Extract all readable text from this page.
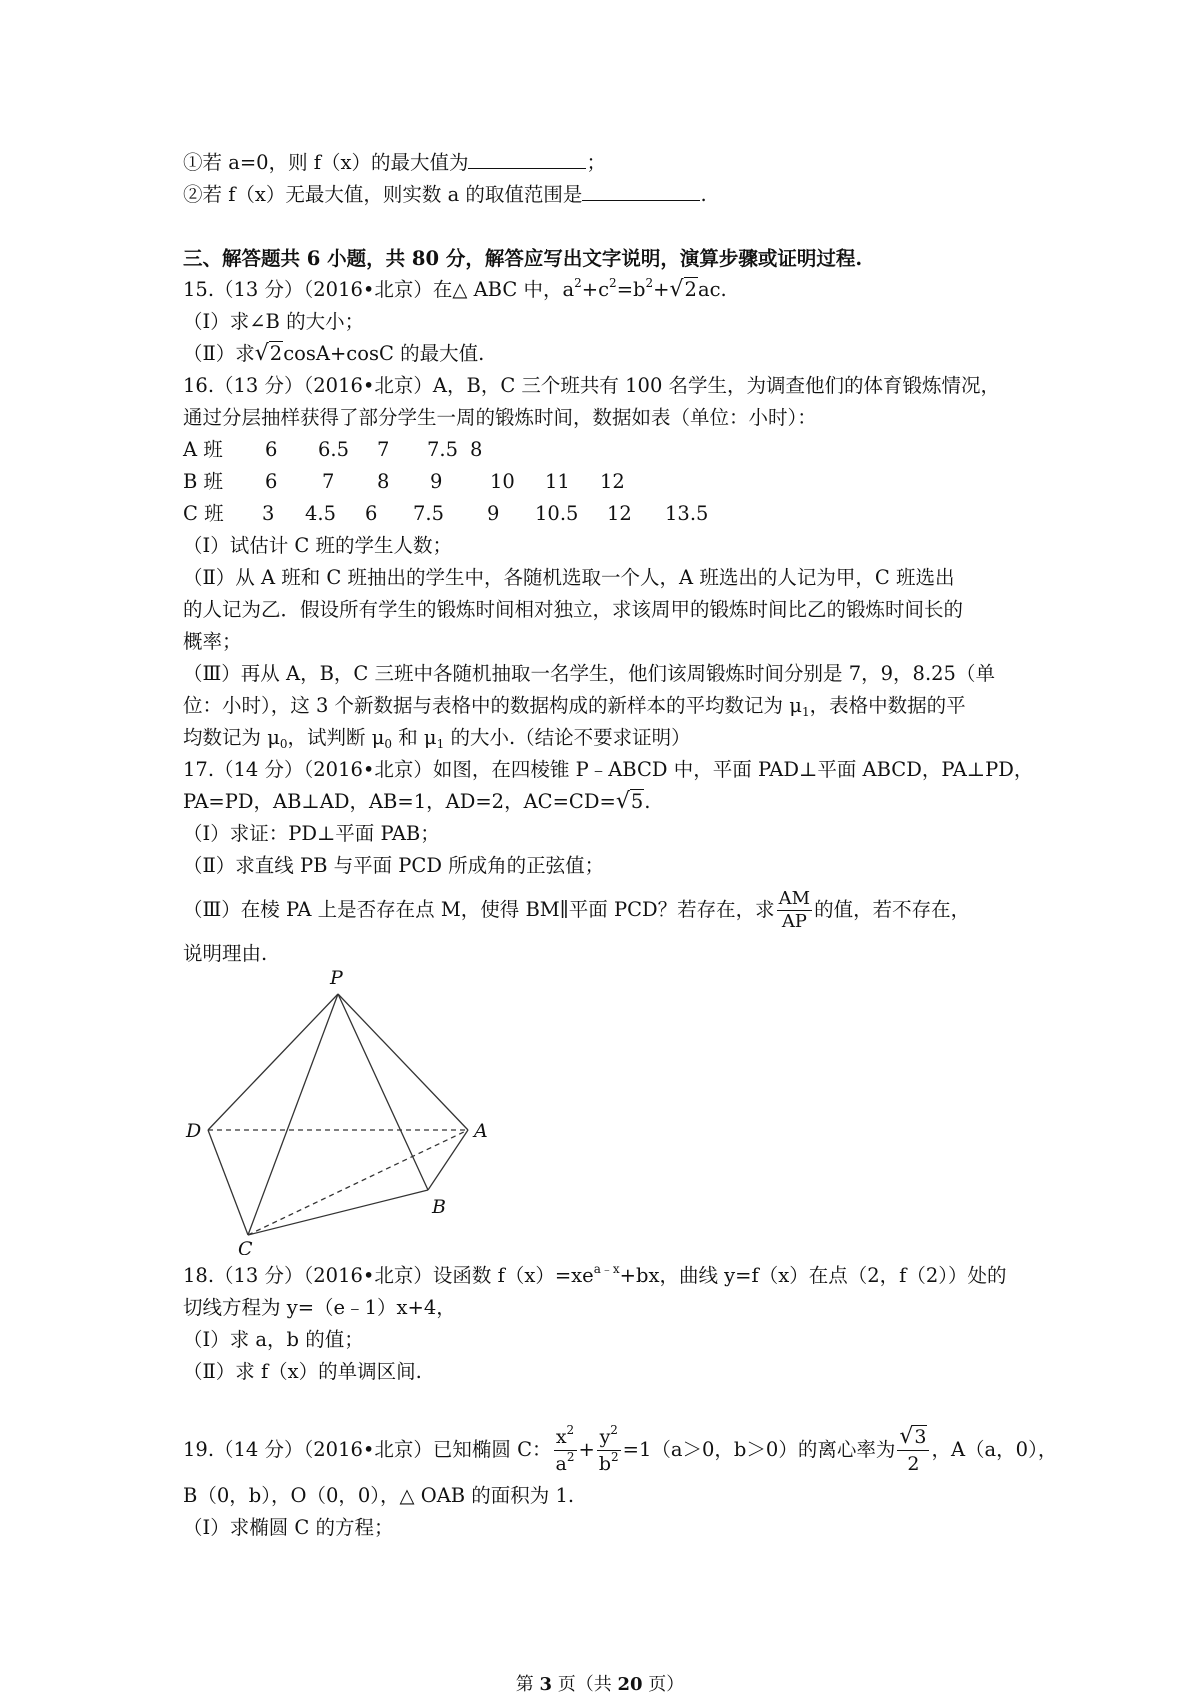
①若 a=0，则 f（x）的最大值为	；
②若 f（x）无最大值，则实数 a 的取值范围是	.
三、解答题共 6 小题，共 80 分，解答应写出文字说明，演算步骤或证明过程.
15.（13 分）（2016•北京）在△ ABC 中，$a^2+c^2=b^2+√2ac$.
（Ⅰ）求∠B 的大小；
（Ⅱ）求√2cosA+cosC 的最大值.
16.（13 分）（2016•北京）A，B，C 三个班共有 100 名学生，为调查他们的体育锻炼情况，
通过分层抽样获得了部分学生一周的锻炼时间，数据如表（单位：小时）：
A 班 6 6.5 7 7.5 8
B 班 6 7 8 9 10 11 12
C 班 3 4.5 6 7.5 9 10.5 12 13.5
（Ⅰ）试估计 C 班的学生人数；
（Ⅱ）从 A 班和 C 班抽出的学生中，各随机选取一个人，A 班选出的人记为甲，C 班选出
的人记为乙．假设所有学生的锻炼时间相对独立，求该周甲的锻炼时间比乙的锻炼时间长的
概率；
（Ⅲ）再从 A，B，C 三班中各随机抽取一名学生，他们该周锻炼时间分别是 7，9，8.25（单
位：小时），这 3 个新数据与表格中的数据构成的新样本的平均数记为 $\mu_1$，表格中数据的平
均数记为 $\mu_0$，试判断 $\mu_0$ 和 $\mu_1$ 的大小.（结论不要求证明）
17.（14 分）（2016•北京）如图，在四棱锥 P﹣ABCD 中，平面 PAD⊥平面 ABCD，PA⊥PD，
PA=PD，AB⊥AD，AB=1，AD=2，AC=CD=√5.
（Ⅰ）求证：PD⊥平面 PAB；
（Ⅱ）求直线 PB 与平面 PCD 所成角的正弦值；
（Ⅲ）在棱 PA 上是否存在点 M，使得 BM∥平面 PCD？若存在，求 $\frac{AM}{AP}$ 的值，若不存在，
说明理由.
P
D	A
B
C
18.（13 分）（2016•北京）设函数 $f(x)=xe^{a﹣x}+bx$，曲线 y=f（x）在点（2，f（2））处的
切线方程为 y=（e﹣1）x+4，
（Ⅰ）求 a，b 的值；
（Ⅱ）求 f（x）的单调区间.
19.（14 分）（2016•北京）已知椭圆 C： $\frac{x^2}{a^2} + \frac{y^2}{b^2} =1(a>0$，b＞0）的离心率为 $\frac{√3}{2}$ ，A（a，0），
B（0，b），O（0，0），△ OAB 的面积为 1.
（Ⅰ）求椭圆 C 的方程；
第 3 页（共 20 页）
